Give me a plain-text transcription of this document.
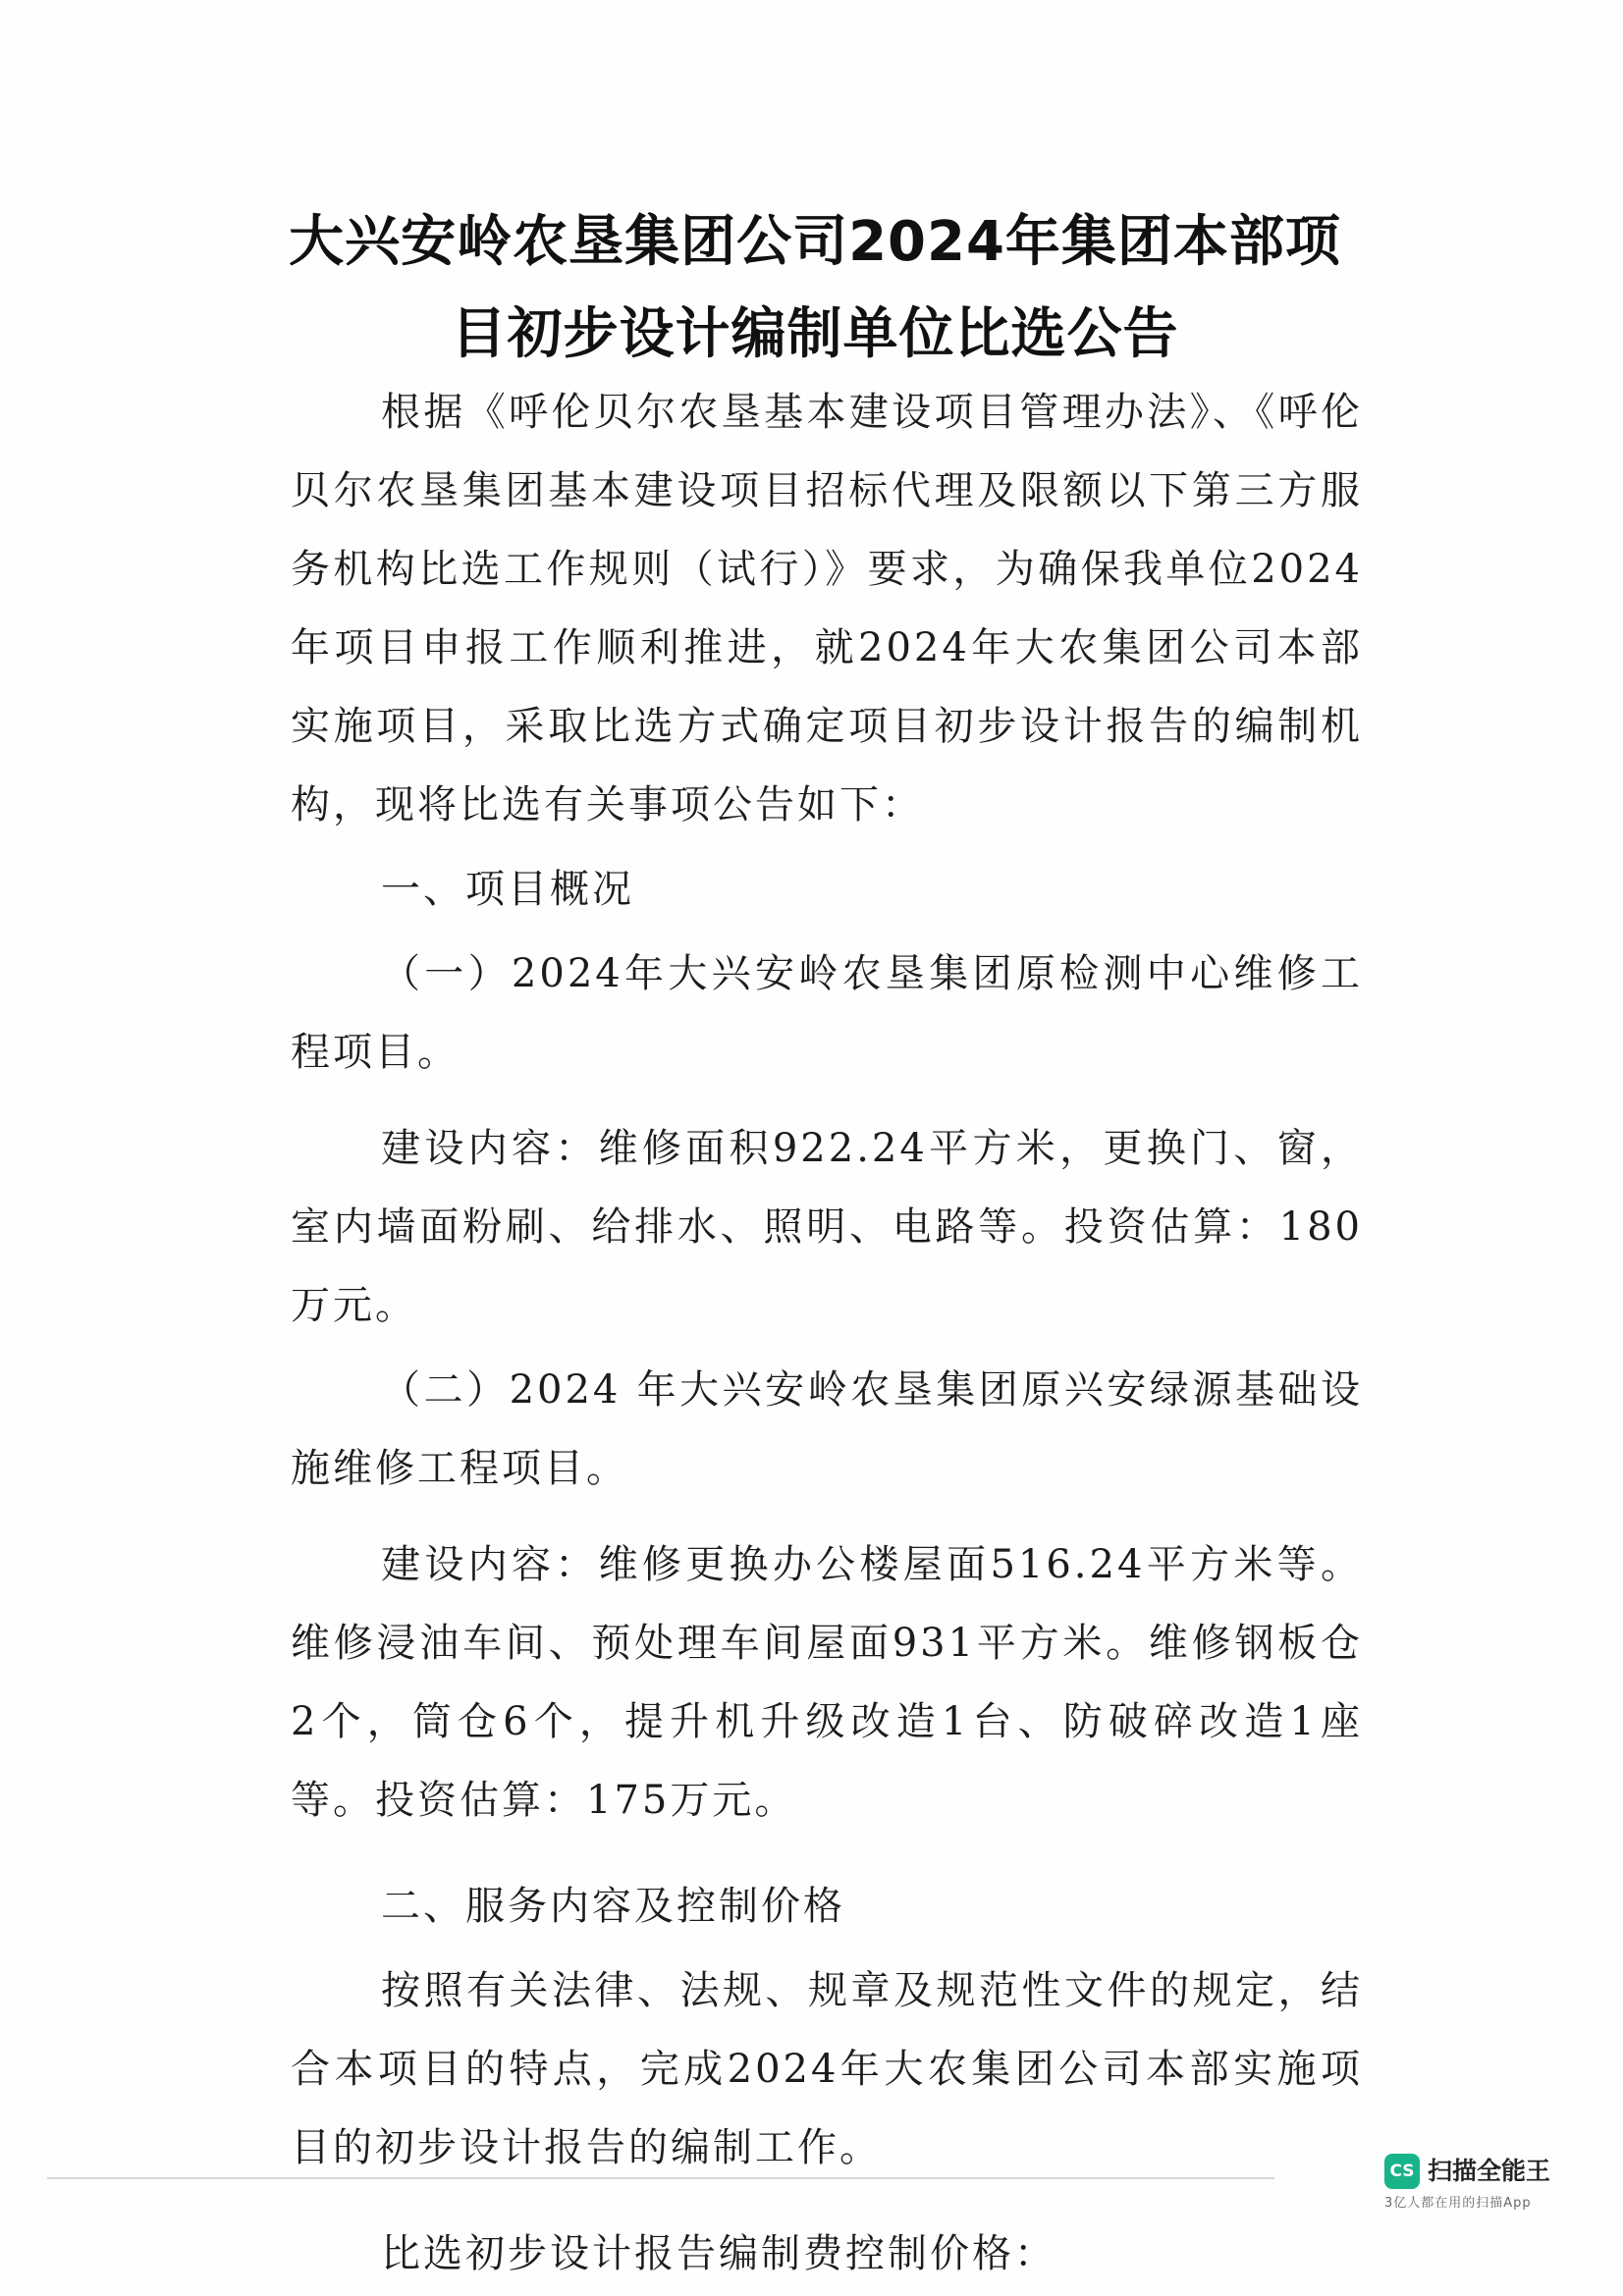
大兴安岭农垦集团公司2024年集团本部项
目初步设计编制单位比选公告

根据《呼伦贝尔农垦基本建设项目管理办法》、《呼伦贝尔农垦集团基本建设项目招标代理及限额以下第三方服务机构比选工作规则（试行）》要求，为确保我单位2024年项目申报工作顺利推进，就2024年大农集团公司本部实施项目，采取比选方式确定项目初步设计报告的编制机构，现将比选有关事项公告如下：

一、项目概况

（一）2024年大兴安岭农垦集团原检测中心维修工程项目。

建设内容：维修面积922.24平方米，更换门、窗，室内墙面粉刷、给排水、照明、电路等。投资估算：180万元。

（二）2024 年大兴安岭农垦集团原兴安绿源基础设施维修工程项目。

建设内容：维修更换办公楼屋面516.24平方米等。维修浸油车间、预处理车间屋面931平方米。维修钢板仓2个，筒仓6个，提升机升级改造1台、防破碎改造1座等。投资估算：175万元。

二、服务内容及控制价格

按照有关法律、法规、规章及规范性文件的规定，结合本项目的特点，完成2024年大农集团公司本部实施项目的初步设计报告的编制工作。

比选初步设计报告编制费控制价格：

CS 扫描全能王
3亿人都在用的扫描App
